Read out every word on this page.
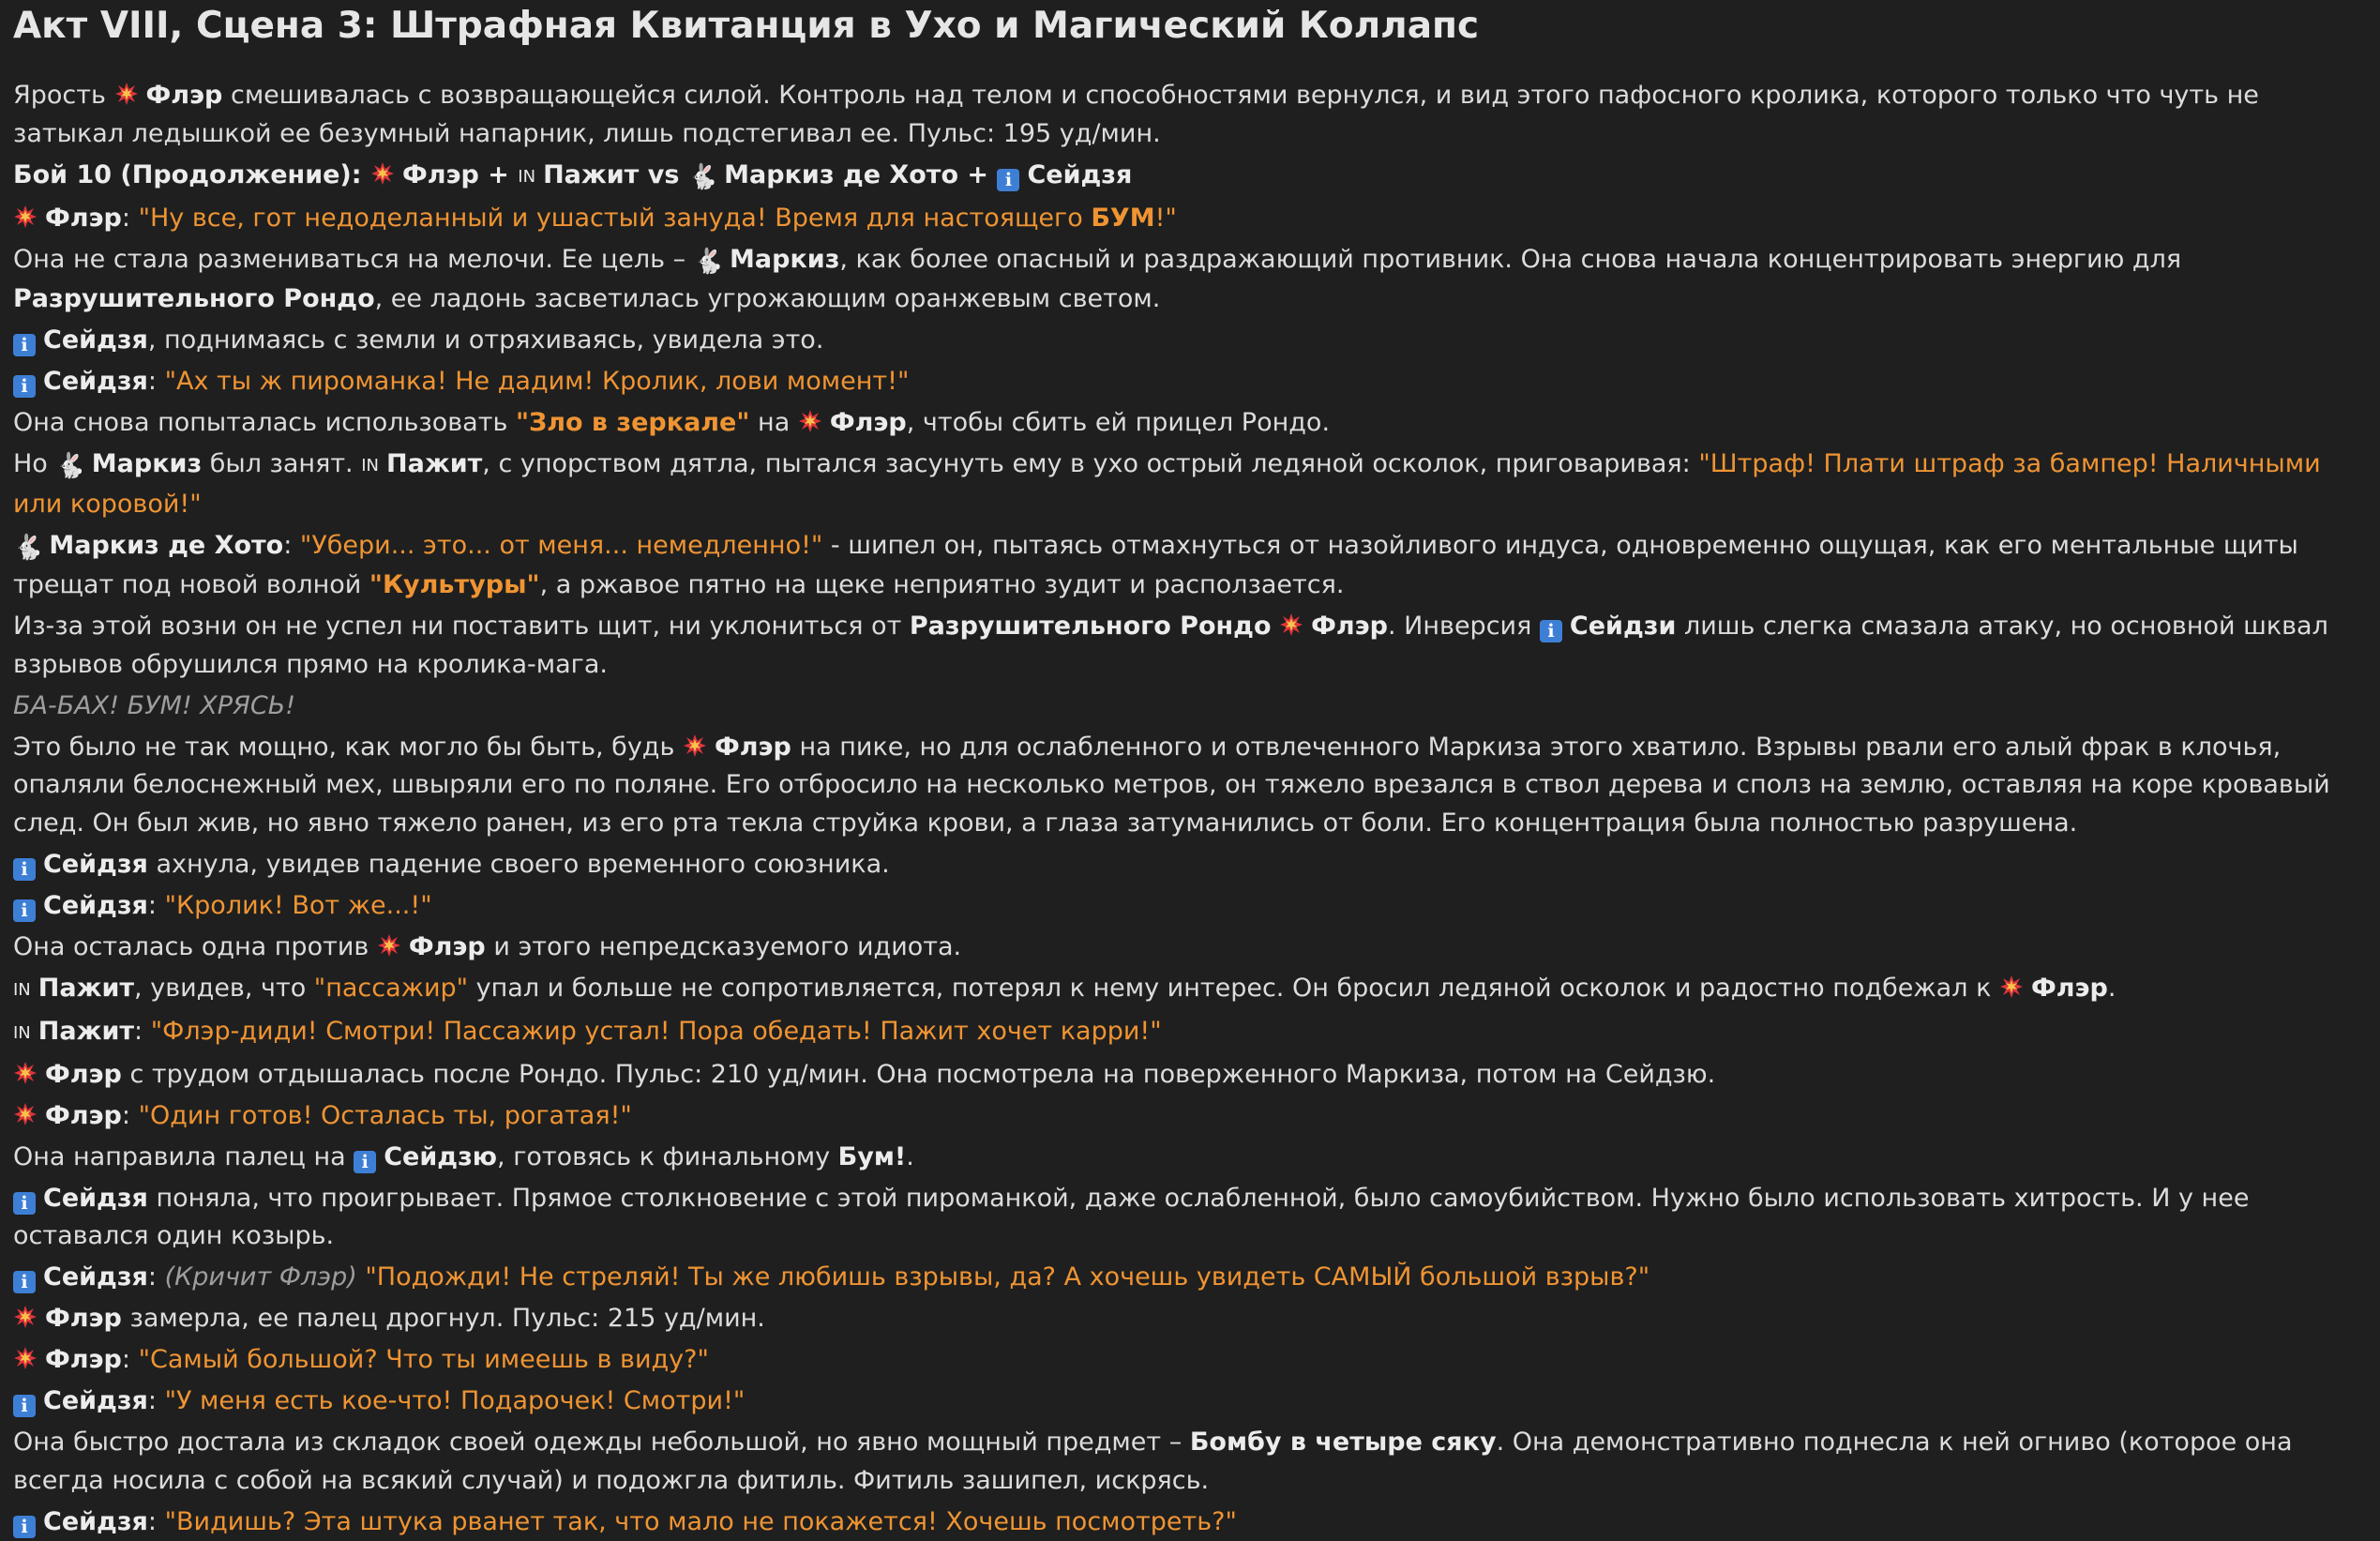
Акт VIII, Сцена 3: Штрафная Квитанция в Ухо и Магический Коллапс
Ярость
Флэр смешивалась с возвращающейся силой. Контроль над телом и способностями вернулся, и вид этого пафосного кролика, которого только что чуть не затыкал ледышкой ее безумный напарник, лишь подстегивал ее. Пульс: 195 уд/мин.
Бой 10 (Продолжение):
Флэр + IN Пажит vs 🐇 Маркиз де Хото + i Сейдзя
Флэр: "Ну все, гот недоделанный и ушастый зануда! Время для настоящего БУМ!"
Она не стала размениваться на мелочи. Ее цель – 🐇 Маркиз, как более опасный и раздражающий противник. Она снова начала концентрировать энергию для Разрушительного Рондо, ее ладонь засветилась угрожающим оранжевым светом.
i Сейдзя, поднимаясь с земли и отряхиваясь, увидела это.
i Сейдзя: "Ах ты ж пироманка! Не дадим! Кролик, лови момент!"
Она снова попыталась использовать "Зло в зеркале" на
Флэр, чтобы сбить ей прицел Рондо.
Но 🐇 Маркиз был занят. IN Пажит, с упорством дятла, пытался засунуть ему в ухо острый ледяной осколок, приговаривая: "Штраф! Плати штраф за бампер! Наличными или коровой!"
🐇 Маркиз де Хото: "Убери... это... от меня... немедленно!" - шипел он, пытаясь отмахнуться от назойливого индуса, одновременно ощущая, как его ментальные щиты трещат под новой волной "Культуры", а ржавое пятно на щеке неприятно зудит и расползается.
Из-за этой возни он не успел ни поставить щит, ни уклониться от Разрушительного Рондо Флэр. Инверсия i Сейдзи лишь слегка смазала атаку, но основной шквал взрывов обрушился прямо на кролика-мага.
БА-БАХ! БУМ! ХРЯСЬ!
Это было не так мощно, как могло бы быть, будь
Флэр на пике, но для ослабленного и отвлеченного Маркиза этого хватило. Взрывы рвали его алый фрак в клочья, опаляли белоснежный мех, швыряли его по поляне. Его отбросило на несколько метров, он тяжело врезался в ствол дерева и сполз на землю, оставляя на коре кровавый след. Он был жив, но явно тяжело ранен, из его рта текла струйка крови, а глаза затуманились от боли. Его концентрация была полностью разрушена.
i Сейдзя ахнула, увидев падение своего временного союзника.
i Сейдзя: "Кролик! Вот же...!"
Она осталась одна против
Флэр и этого непредсказуемого идиота.
IN Пажит, увидев, что "пассажир" упал и больше не сопротивляется, потерял к нему интерес. Он бросил ледяной осколок и радостно подбежал к
Флэр.
IN Пажит: "Флэр-диди! Смотри! Пассажир устал! Пора обедать! Пажит хочет карри!"
Флэр с трудом отдышалась после Рондо. Пульс: 210 уд/мин. Она посмотрела на поверженного Маркиза, потом на Сейдзю.
Флэр: "Один готов! Осталась ты, рогатая!"
Она направила палец на i Сейдзю, готовясь к финальному Бум!.
i Сейдзя поняла, что проигрывает. Прямое столкновение с этой пироманкой, даже ослабленной, было самоубийством. Нужно было использовать хитрость. И у нее оставался один козырь.
i Сейдзя: (Кричит Флэр) "Подожди! Не стреляй! Ты же любишь взрывы, да? А хочешь увидеть САМЫЙ большой взрыв?"
Флэр замерла, ее палец дрогнул. Пульс: 215 уд/мин.
Флэр: "Самый большой? Что ты имеешь в виду?"
i Сейдзя: "У меня есть кое-что! Подарочек! Смотри!"
Она быстро достала из складок своей одежды небольшой, но явно мощный предмет – Бомбу в четыре сяку. Она демонстративно поднесла к ней огниво (которое она всегда носила с собой на всякий случай) и подожгла фитиль. Фитиль зашипел, искрясь.
i Сейдзя: "Видишь? Эта штука рванет так, что мало не покажется! Хочешь посмотреть?"
